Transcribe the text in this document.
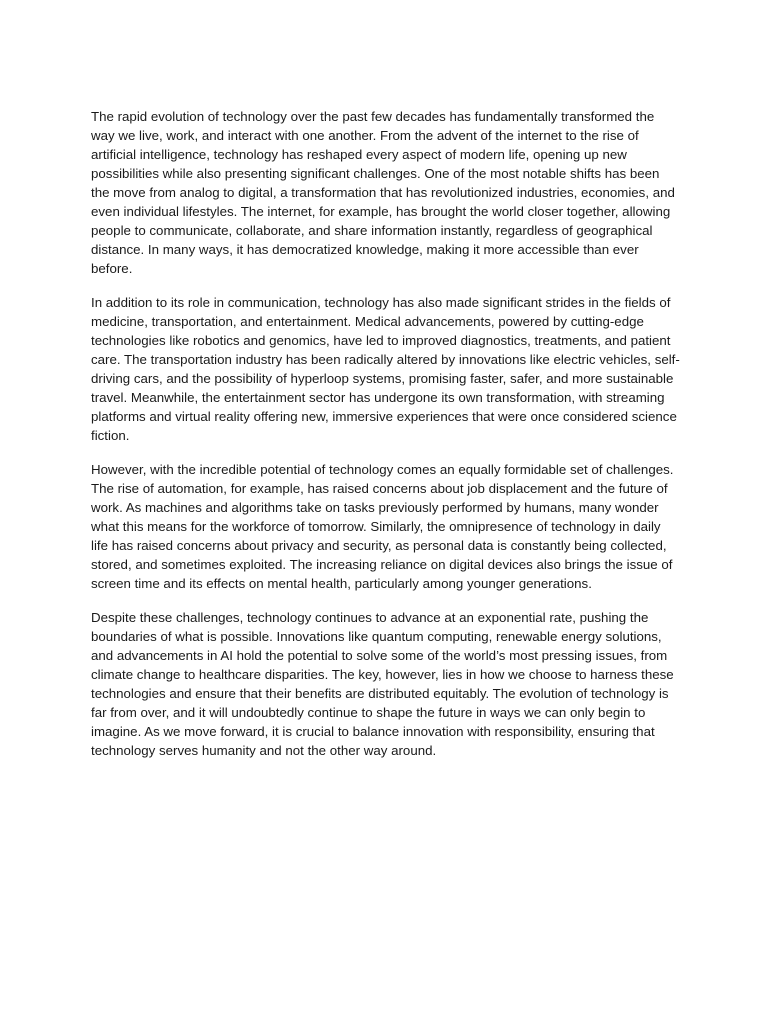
The rapid evolution of technology over the past few decades has fundamentally transformed the way we live, work, and interact with one another. From the advent of the internet to the rise of artificial intelligence, technology has reshaped every aspect of modern life, opening up new possibilities while also presenting significant challenges. One of the most notable shifts has been the move from analog to digital, a transformation that has revolutionized industries, economies, and even individual lifestyles. The internet, for example, has brought the world closer together, allowing people to communicate, collaborate, and share information instantly, regardless of geographical distance. In many ways, it has democratized knowledge, making it more accessible than ever before.

In addition to its role in communication, technology has also made significant strides in the fields of medicine, transportation, and entertainment. Medical advancements, powered by cutting-edge technologies like robotics and genomics, have led to improved diagnostics, treatments, and patient care. The transportation industry has been radically altered by innovations like electric vehicles, self-driving cars, and the possibility of hyperloop systems, promising faster, safer, and more sustainable travel. Meanwhile, the entertainment sector has undergone its own transformation, with streaming platforms and virtual reality offering new, immersive experiences that were once considered science fiction.

However, with the incredible potential of technology comes an equally formidable set of challenges. The rise of automation, for example, has raised concerns about job displacement and the future of work. As machines and algorithms take on tasks previously performed by humans, many wonder what this means for the workforce of tomorrow. Similarly, the omnipresence of technology in daily life has raised concerns about privacy and security, as personal data is constantly being collected, stored, and sometimes exploited. The increasing reliance on digital devices also brings the issue of screen time and its effects on mental health, particularly among younger generations.

Despite these challenges, technology continues to advance at an exponential rate, pushing the boundaries of what is possible. Innovations like quantum computing, renewable energy solutions, and advancements in AI hold the potential to solve some of the world’s most pressing issues, from climate change to healthcare disparities. The key, however, lies in how we choose to harness these technologies and ensure that their benefits are distributed equitably. The evolution of technology is far from over, and it will undoubtedly continue to shape the future in ways we can only begin to imagine. As we move forward, it is crucial to balance innovation with responsibility, ensuring that technology serves humanity and not the other way around.
